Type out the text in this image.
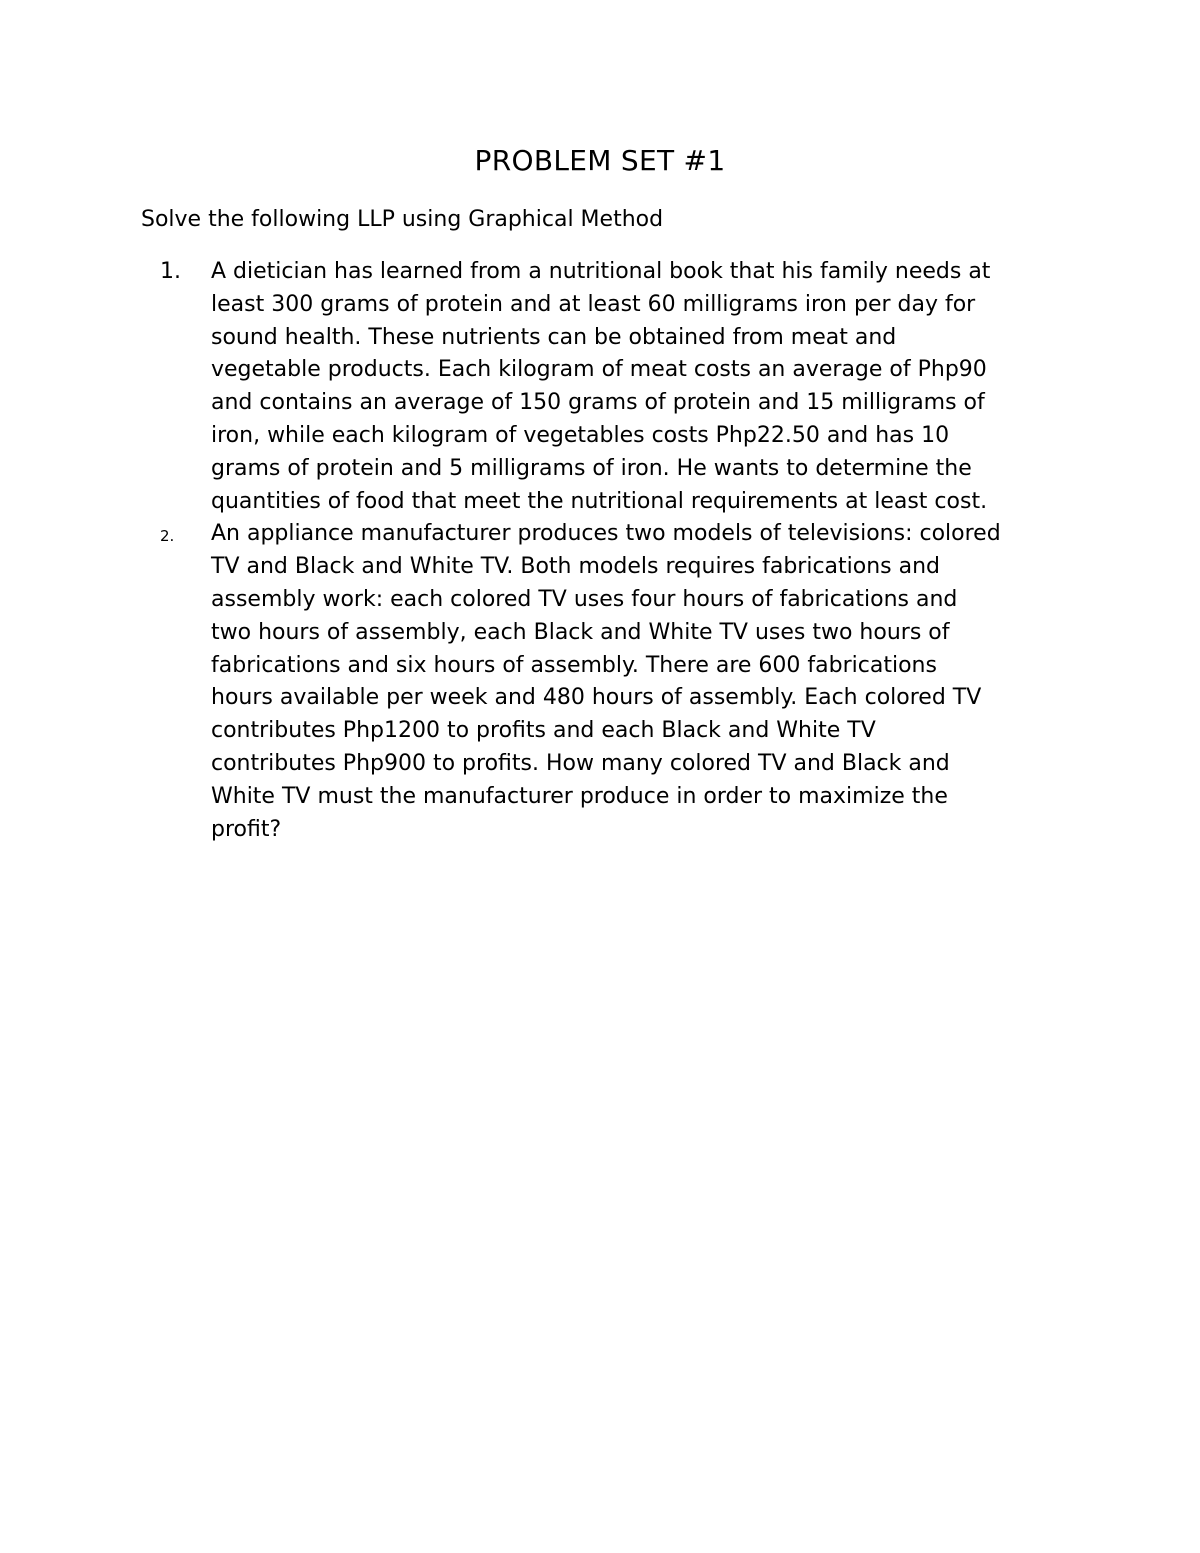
PROBLEM SET #1
Solve the following LLP using Graphical Method
1. A dietician has learned from a nutritional book that his family needs at
least 300 grams of protein and at least 60 milligrams iron per day for
sound health. These nutrients can be obtained from meat and
vegetable products. Each kilogram of meat costs an average of Php90
and contains an average of 150 grams of protein and 15 milligrams of
iron, while each kilogram of vegetables costs Php22.50 and has 10
grams of protein and 5 milligrams of iron. He wants to determine the
quantities of food that meet the nutritional requirements at least cost.
2. An appliance manufacturer produces two models of televisions: colored
TV and Black and White TV. Both models requires fabrications and
assembly work: each colored TV uses four hours of fabrications and
two hours of assembly, each Black and White TV uses two hours of
fabrications and six hours of assembly. There are 600 fabrications
hours available per week and 480 hours of assembly. Each colored TV
contributes Php1200 to profits and each Black and White TV
contributes Php900 to profits. How many colored TV and Black and
White TV must the manufacturer produce in order to maximize the
profit?
